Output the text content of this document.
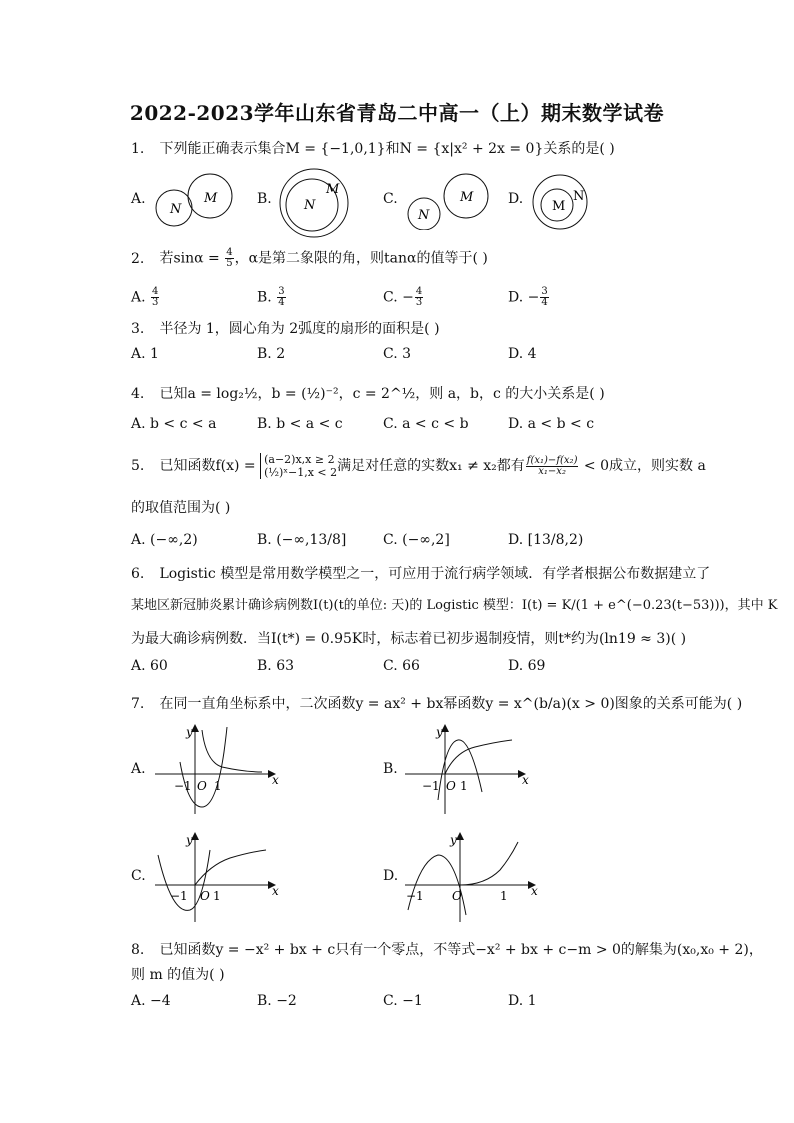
2022-2023学年山东省青岛二中高一（上）期末数学试卷
1. 下列能正确表示集合M = {−1,0,1}和N = {x|x² + 2x = 0}关系的是( )
A.	B.	C.	D.
N
M	N
M
N
M
M
N
2. 若$\sin\alpha = \frac{4}{5}$ ，α是第二象限的角，则tanα的值等于( )
A. $\frac{4}{3}$	B. $\frac{3}{4}$	C. − $\frac{4}{3}$	D. − $\frac{3}{4}$
3. 半径为 1，圆心角为 2弧度的扇形的面积是( )
A. 1	B. 2	C. 3	D. 4
4. 已知a = log₂½，b = (½)⁻²，c = 2^½，则 a，b，c 的大小关系是( )
A. b < c < a	B. b < a < c	C. a < c < b	D. a < b < c
5. 已知函数f(x) = (a−2)x,x ≥ 2
(½)ˣ−1,x < 2 满足对任意的实数x₁ ≠ x₂都有 $\frac{\text{f(x₁)−f(x₂)}}{\text{x₁−x₂}} < 0$成立，则实数 a
的取值范围为( )
A. (−∞,2)	B. (−∞,13/8]	C. (−∞,2]	D. [13/8,2)
6. Logistic 模型是常用数学模型之一，可应用于流行病学领域．有学者根据公布数据建立了
某地区新冠肺炎累计确诊病例数I(t)(t的单位: 天)的 Logistic 模型：I(t) = K/(1 + e^(−0.23(t−53)))，其中 K
为最大确诊病例数．当I(t*) = 0.95K时，标志着已初步遏制疫情，则t*约为(ln19 ≈ 3)( )
A. 60	B. 63	C. 66	D. 69
7. 在同一直角坐标系中，二次函数y = ax² + bx幂函数y = x^(b/a)(x > 0)图象的关系可能为( )
A.
x
y
−1 O 1
B.
x
y
−1 O 1
C.
x
y
−1 O 1
D.
x
y
−1 O	1
8. 已知函数y = −x² + bx + c只有一个零点，不等式−x² + bx + c−m > 0的解集为(x₀,x₀ + 2)，
则 m 的值为( )
A. −4	B. −2	C. −1	D. 1
